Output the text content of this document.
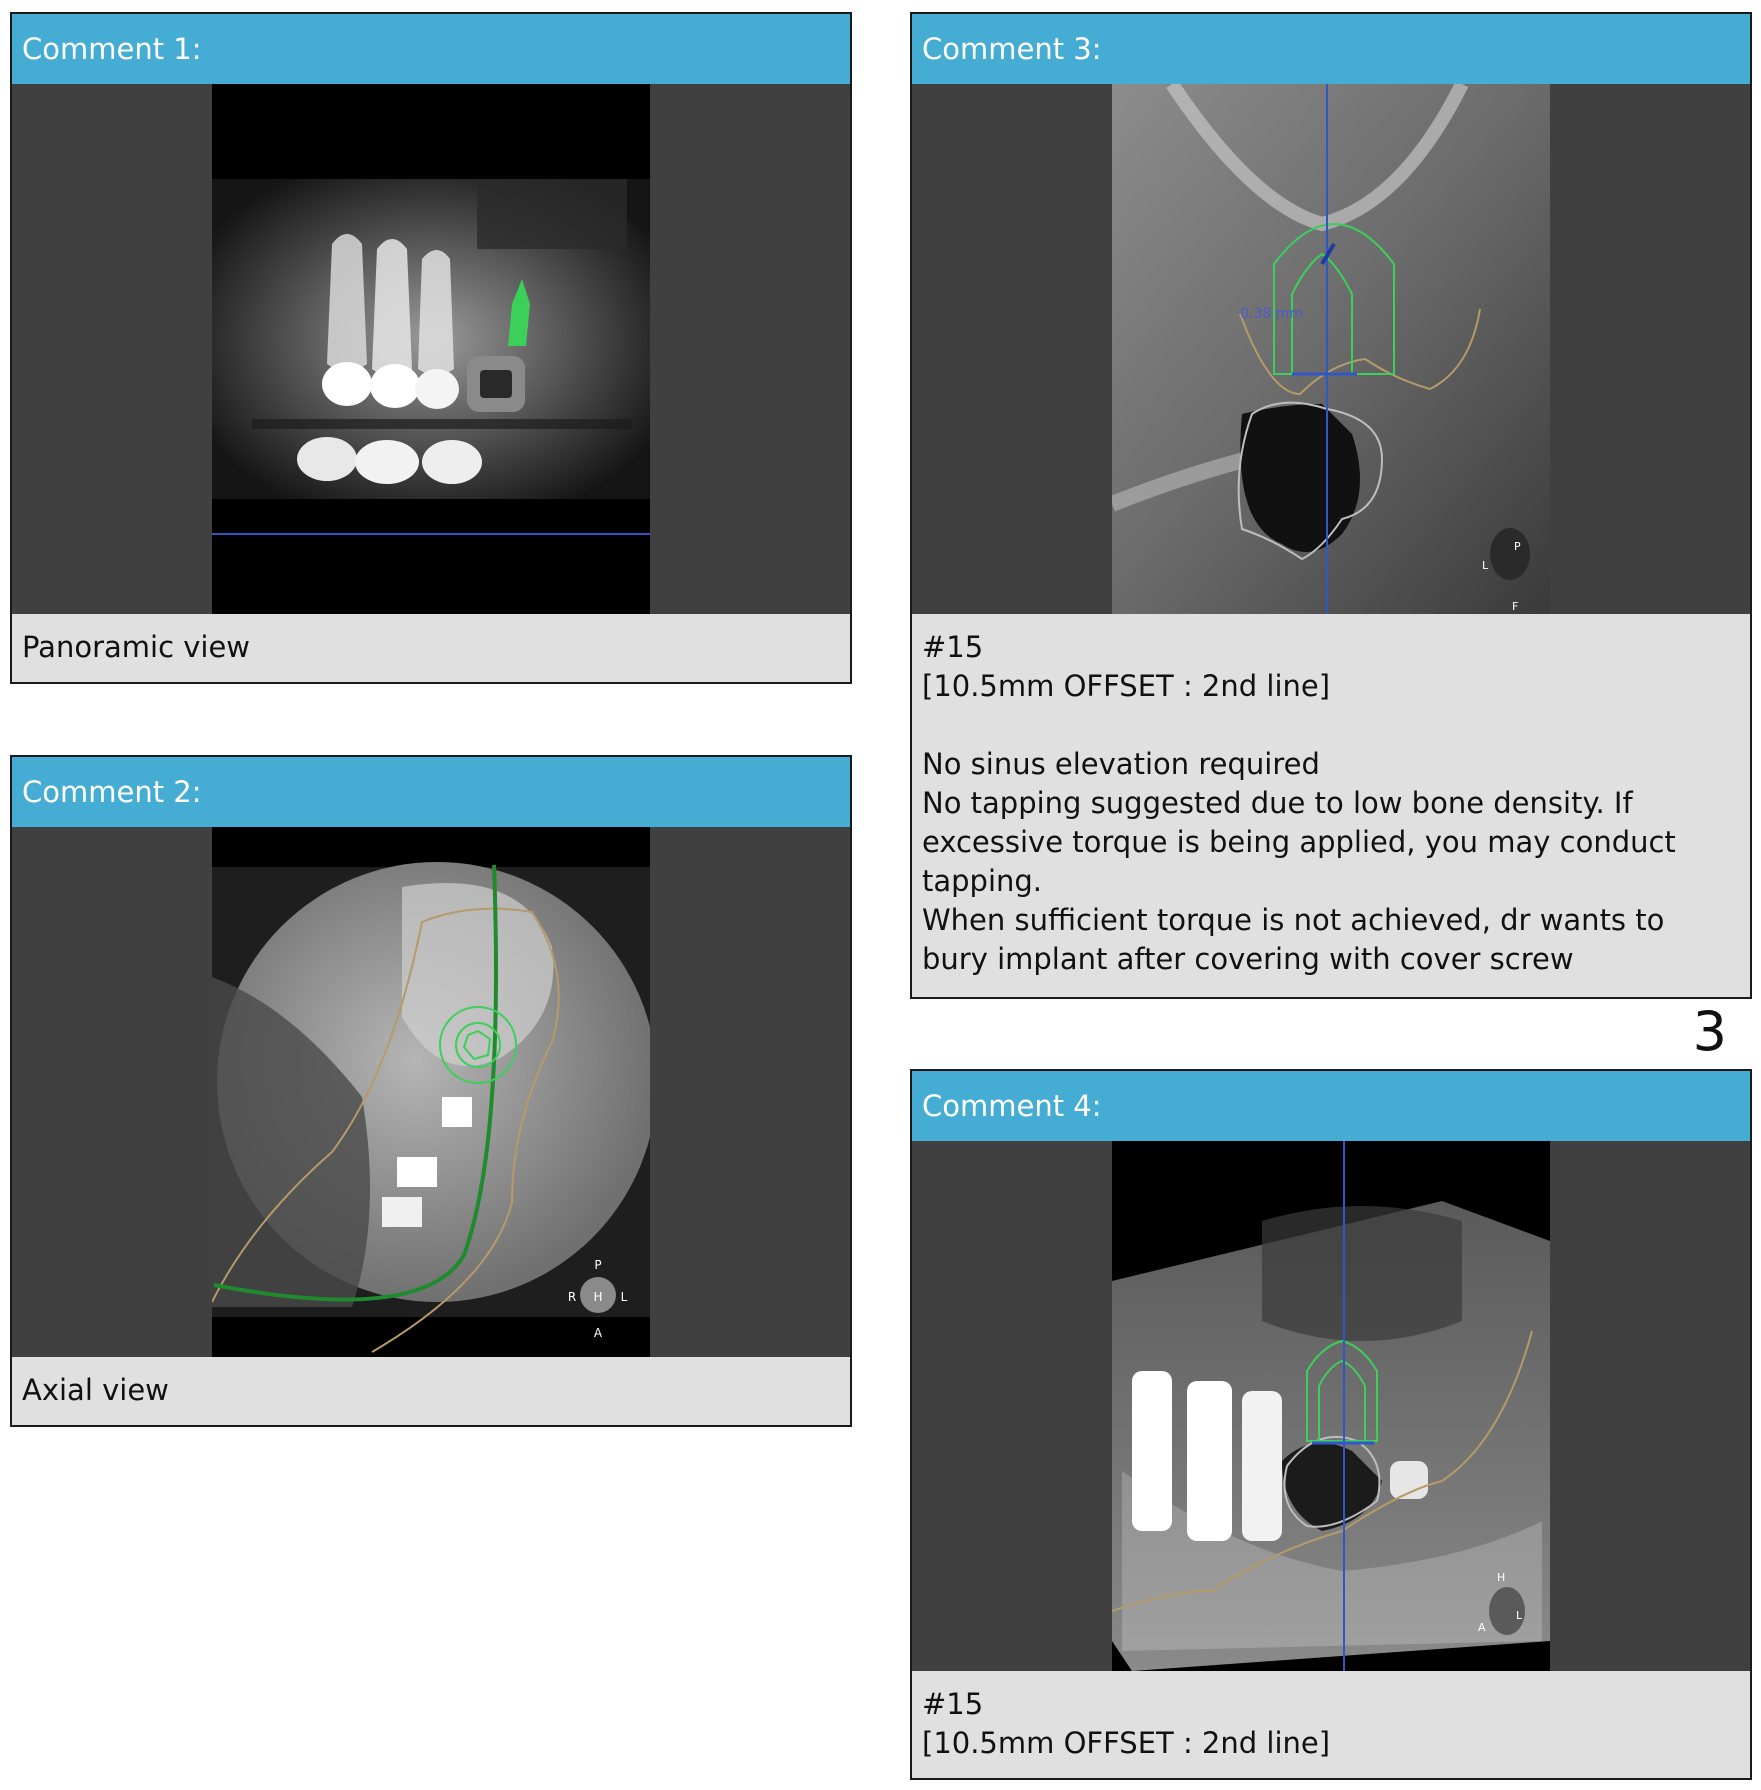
Comment 1:
Panoramic view
Comment 2:
P
R H L
A
Axial view
Comment 3:
0.38 mm
P
L
F
#15
[10.5mm OFFSET : 2nd line]

No sinus elevation required
No tapping suggested due to low bone density. If
excessive torque is being applied, you may conduct
tapping.
When sufficient torque is not achieved, dr wants to
bury implant after covering with cover screw
3
Comment 4:
H
A
L
#15
[10.5mm OFFSET : 2nd line]
